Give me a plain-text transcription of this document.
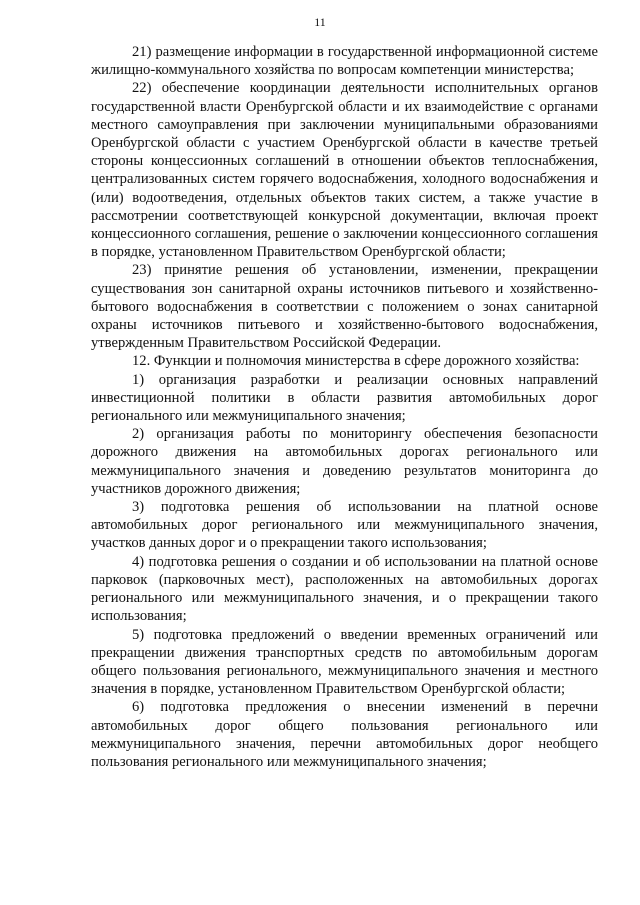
11

21) размещение информации в государственной информационной системе жилищно-коммунального хозяйства по вопросам компетенции министерства;

22) обеспечение координации деятельности исполнительных органов государственной власти Оренбургской области и их взаимодействие с органами местного самоуправления при заключении муниципальными образованиями Оренбургской области с участием Оренбургской области в качестве третьей стороны концессионных соглашений в отношении объектов теплоснабжения, централизованных систем горячего водоснабжения, холодного водоснабжения и (или) водоотведения, отдельных объектов таких систем, а также участие в рассмотрении соответствующей конкурсной документации, включая проект концессионного соглашения, решение о заключении концессионного соглашения в порядке, установленном Правительством Оренбургской области;

23) принятие решения об установлении, изменении, прекращении существования зон санитарной охраны источников питьевого и хозяйственно-бытового водоснабжения в соответствии с положением о зонах санитарной охраны источников питьевого и хозяйственно-бытового водоснабжения, утвержденным Правительством Российской Федерации.

12. Функции и полномочия министерства в сфере дорожного хозяйства:

1) организация разработки и реализации основных направлений инвестиционной политики в области развития автомобильных дорог регионального или межмуниципального значения;

2) организация работы по мониторингу обеспечения безопасности дорожного движения на автомобильных дорогах регионального или межмуниципального значения и доведению результатов мониторинга до участников дорожного движения;

3) подготовка решения об использовании на платной основе автомобильных дорог регионального или межмуниципального значения, участков данных дорог и о прекращении такого использования;

4) подготовка решения о создании и об использовании на платной основе парковок (парковочных мест), расположенных на автомобильных дорогах регионального или межмуниципального значения, и о прекращении такого использования;

5) подготовка предложений о введении временных ограничений или прекращении движения транспортных средств по автомобильным дорогам общего пользования регионального, межмуниципального значения и местного значения в порядке, установленном Правительством Оренбургской области;

6) подготовка предложения о внесении изменений в перечни автомобильных дорог общего пользования регионального или межмуниципального значения, перечни автомобильных дорог необщего пользования регионального или межмуниципального значения;
